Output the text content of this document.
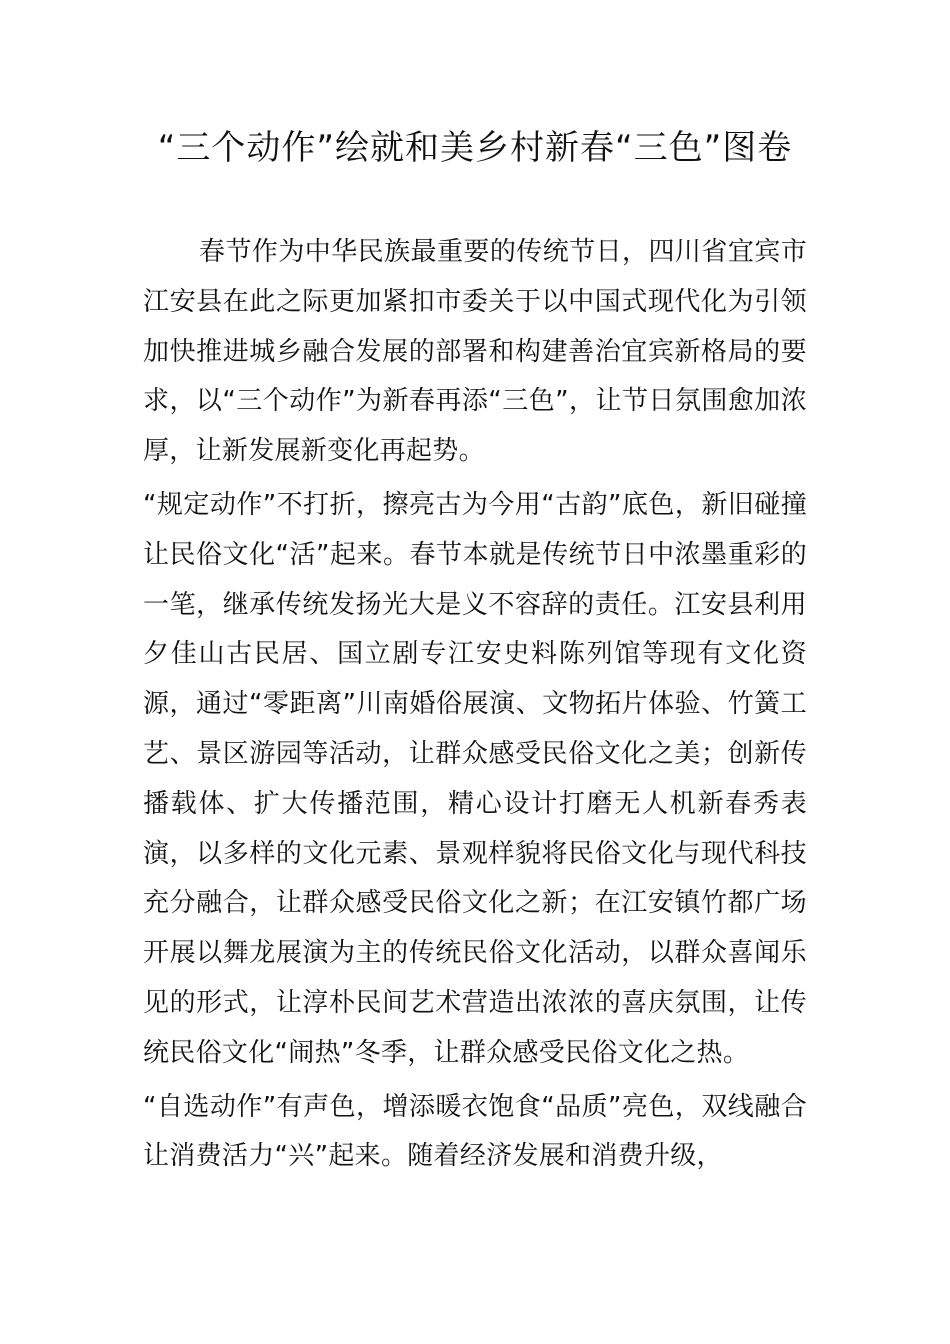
“三个动作”绘就和美乡村新春“三色”图卷

春节作为中华民族最重要的传统节日，四川省宜宾市江安县在此之际更加紧扣市委关于以中国式现代化为引领加快推进城乡融合发展的部署和构建善治宜宾新格局的要求，以“三个动作”为新春再添“三色”，让节日氛围愈加浓厚，让新发展新变化再起势。

“规定动作”不打折，擦亮古为今用“古韵”底色，新旧碰撞让民俗文化“活”起来。春节本就是传统节日中浓墨重彩的一笔，继承传统发扬光大是义不容辞的责任。江安县利用夕佳山古民居、国立剧专江安史料陈列馆等现有文化资源，通过“零距离”川南婚俗展演、文物拓片体验、竹簧工艺、景区游园等活动，让群众感受民俗文化之美；创新传播载体、扩大传播范围，精心设计打磨无人机新春秀表演，以多样的文化元素、景观样貌将民俗文化与现代科技充分融合，让群众感受民俗文化之新；在江安镇竹都广场开展以舞龙展演为主的传统民俗文化活动，以群众喜闻乐见的形式，让淳朴民间艺术营造出浓浓的喜庆氛围，让传统民俗文化“闹热”冬季，让群众感受民俗文化之热。

“自选动作”有声色，增添暖衣饱食“品质”亮色，双线融合让消费活力“兴”起来。随着经济发展和消费升级，
